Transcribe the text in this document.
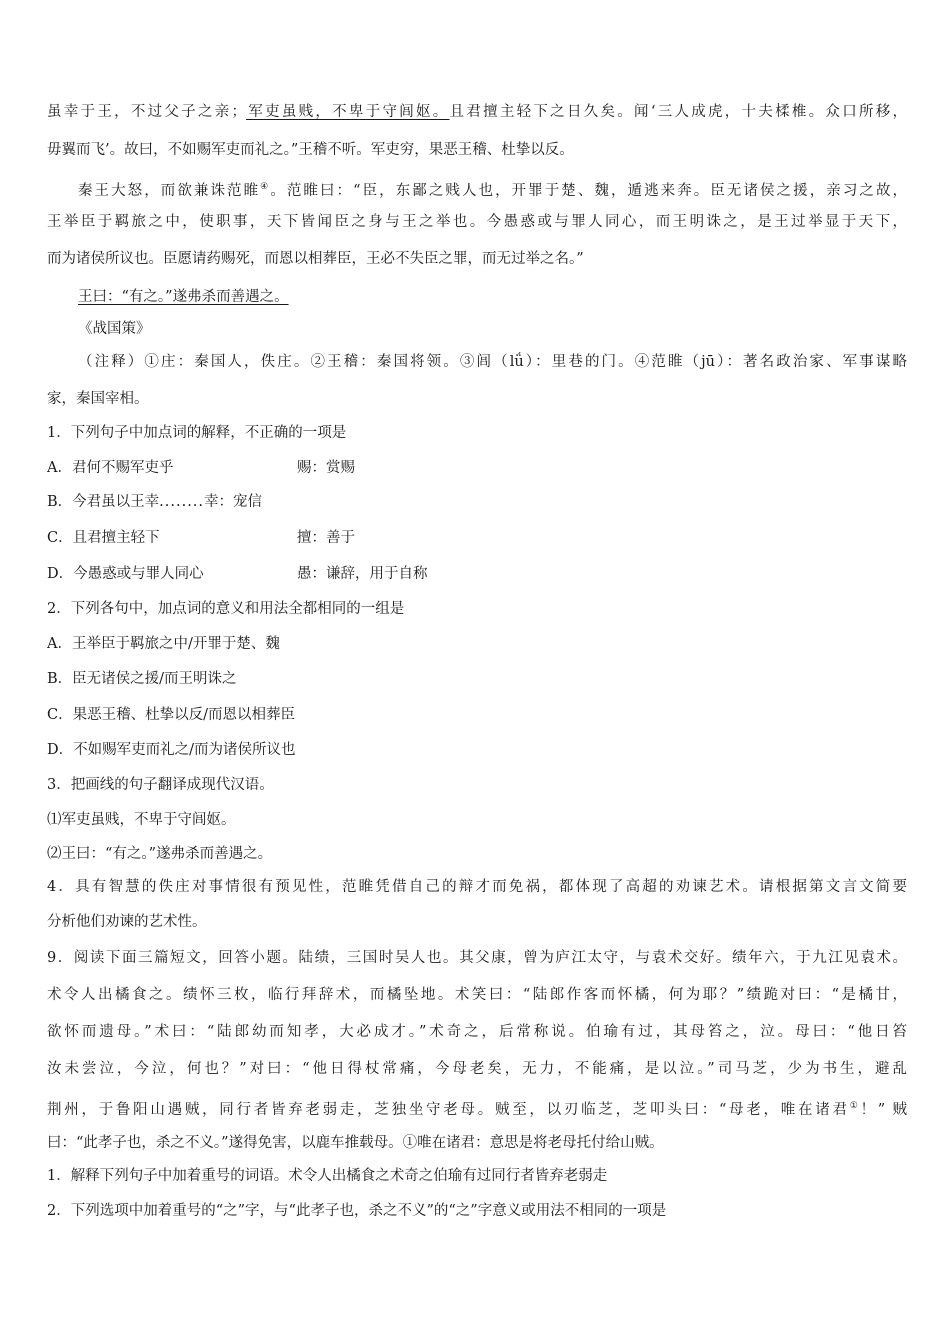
虽幸于王，不过父子之亲；军吏虽贱，不卑于守闾妪。且君擅主轻下之日久矣。闻‘三人成虎，十夫楺椎。众口所移，
毋翼而飞’。故曰，不如赐军吏而礼之。”王稽不听。军吏穷，果恶王稽、杜挚以反。
秦王大怒，而欲兼诛范睢④。范睢曰：“臣，东鄙之贱人也，开罪于楚、魏，遁逃来奔。臣无诸侯之援，亲习之故，
王举臣于羁旅之中，使职事，天下皆闻臣之身与王之举也。今愚惑或与罪人同心，而王明诛之，是王过举显于天下，
而为诸侯所议也。臣愿请药赐死，而恩以相葬臣，王必不失臣之罪，而无过举之名。”
王曰：“有之。”遂弗杀而善遇之。
《战国策》
（注释）①庄：秦国人，佚庄。②王稽：秦国将领。③闾（lǘ）：里巷的门。④范睢（jū）：著名政治家、军事谋略
家，秦国宰相。
1．下列句子中加点词的解释，不正确的一项是
A．君何不赐军吏乎	赐：赏赐
B．今君虽以王幸........幸：宠信
C．且君擅主轻下	擅：善于
D．今愚惑或与罪人同心	愚：谦辞，用于自称
2．下列各句中，加点词的意义和用法全都相同的一组是
A．王举臣于羁旅之中/开罪于楚、魏
B．臣无诸侯之援/而王明诛之
C．果恶王稽、杜挚以反/而恩以相葬臣
D．不如赐军吏而礼之/而为诸侯所议也
3．把画线的句子翻译成现代汉语。
⑴军吏虽贱，不卑于守闾妪。
⑵王曰：“有之。”遂弗杀而善遇之。
4．具有智慧的佚庄对事情很有预见性，范睢凭借自己的辩才而免祸，都体现了高超的劝谏艺术。请根据第文言文简要
分析他们劝谏的艺术性。
9．阅读下面三篇短文，回答小题。陆绩，三国时吴人也。其父康，曾为庐江太守，与袁术交好。绩年六，于九江见袁术。
术令人出橘食之。绩怀三枚，临行拜辞术，而橘坠地。术笑曰：“陆郎作客而怀橘，何为耶？”绩跪对曰：“是橘甘，
欲怀而遗母。”术曰：“陆郎幼而知孝，大必成才。”术奇之，后常称说。伯瑜有过，其母笞之，泣。母曰：“他日笞
汝未尝泣，今泣，何也？”对曰：“他日得杖常痛，今母老矣，无力，不能痛，是以泣。”司马芝，少为书生，避乱
荆州，于鲁阳山遇贼，同行者皆弃老弱走，芝独坐守老母。贼至，以刃临芝，芝叩头曰：“母老，唯在诸君①！” 贼
曰：“此孝子也，杀之不义。”遂得免害，以鹿车推载母。①唯在诸君：意思是将老母托付给山贼。
1．解释下列句子中加着重号的词语。术令人出橘食之术奇之伯瑜有过同行者皆弃老弱走
2．下列选项中加着重号的“之”字，与“此孝子也，杀之不义”的“之”字意义或用法不相同的一项是
